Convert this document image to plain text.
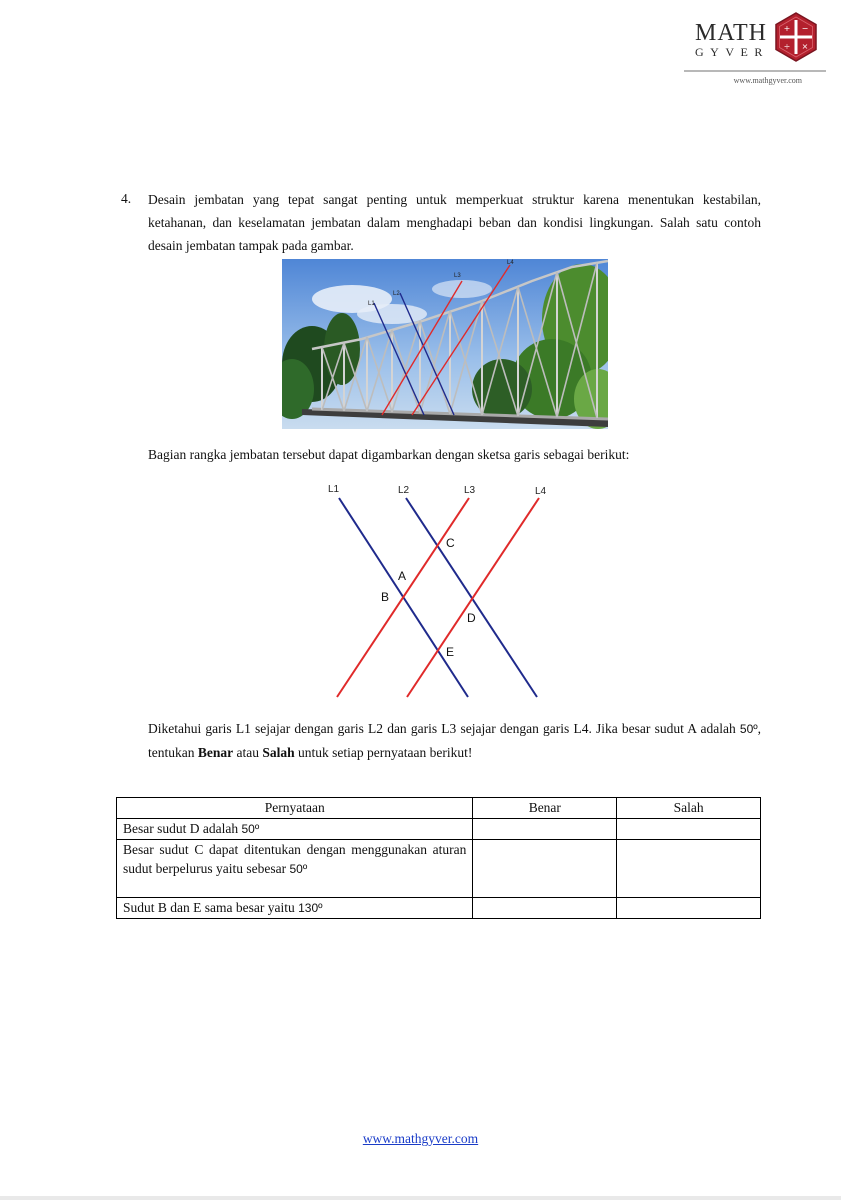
MATH
GYVER
+ −
÷ ×
www.mathgyver.com
4. Desain jembatan yang tepat sangat penting untuk memperkuat struktur karena menentukan kestabilan, ketahanan, dan keselamatan jembatan dalam menghadapi beban dan kondisi lingkungan. Salah satu contoh desain jembatan tampak pada gambar.
L1
L2
L3
L4
Bagian rangka jembatan tersebut dapat digambarkan dengan sketsa garis sebagai berikut:
L1	L2	L3	L4
C
A
B
D
E
Diketahui garis L1 sejajar dengan garis L2 dan garis L3 sejajar dengan garis L4. Jika besar sudut A adalah 50º, tentukan Benar atau Salah untuk setiap pernyataan berikut!
Pernyataan	Benar	Salah
Besar sudut D adalah 50º		
Besar sudut C dapat ditentukan dengan menggunakan aturan sudut berpelurus yaitu sebesar 50º		
Sudut B dan E sama besar yaitu 130º		
www.mathgyver.com
